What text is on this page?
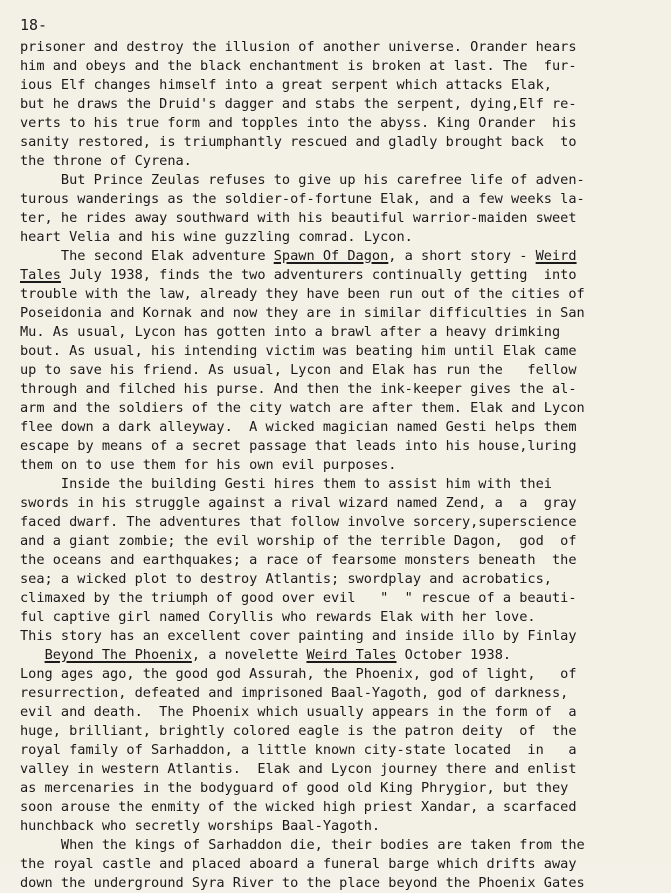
18-
prisoner and destroy the illusion of another universe. Orander hears
him and obeys and the black enchantment is broken at last. The  fur-
ious Elf changes himself into a great serpent which attacks Elak,
but he draws the Druid's dagger and stabs the serpent, dying,Elf re-
verts to his true form and topples into the abyss. King Orander  his
sanity restored, is triumphantly rescued and gladly brought back  to
the throne of Cyrena.
But Prince Zeulas refuses to give up his carefree life of adven-
turous wanderings as the soldier-of-fortune Elak, and a few weeks la-
ter, he rides away southward with his beautiful warrior-maiden sweet
heart Velia and his wine guzzling comrad. Lycon.
The second Elak adventure Spawn Of Dagon, a short story - Weird
Tales July 1938, finds the two adventurers continually getting  into
trouble with the law, already they have been run out of the cities of
Poseidonia and Kornak and now they are in similar difficulties in San
Mu. As usual, Lycon has gotten into a brawl after a heavy drimking
bout. As usual, his intending victim was beating him until Elak came
up to save his friend. As usual, Lycon and Elak has run the   fellow
through and filched his purse. And then the ink-keeper gives the al-
arm and the soldiers of the city watch are after them. Elak and Lycon
flee down a dark alleyway.  A wicked magician named Gesti helps them
escape by means of a secret passage that leads into his house,luring
them on to use them for his own evil purposes.
Inside the building Gesti hires them to assist him with thei
swords in his struggle against a rival wizard named Zend, a  a  gray
faced dwarf. The adventures that follow involve sorcery,superscience
and a giant zombie; the evil worship of the terrible Dagon,  god  of
the oceans and earthquakes; a race of fearsome monsters beneath  the
sea; a wicked plot to destroy Atlantis; swordplay and acrobatics,
climaxed by the triumph of good over evil   "  " rescue of a beauti-
ful captive girl named Coryllis who rewards Elak with her love.
This story has an excellent cover painting and inside illo by Finlay
Beyond The Phoenix, a novelette Weird Tales October 1938.
Long ages ago, the good god Assurah, the Phoenix, god of light,   of
resurrection, defeated and imprisoned Baal-Yagoth, god of darkness,
evil and death.  The Phoenix which usually appears in the form of  a
huge, brilliant, brightly colored eagle is the patron deity  of  the
royal family of Sarhaddon, a little known city-state located  in   a
valley in western Atlantis.  Elak and Lycon journey there and enlist
as mercenaries in the bodyguard of good old King Phrygior, but they
soon arouse the enmity of the wicked high priest Xandar, a scarfaced
hunchback who secretly worships Baal-Yagoth.
When the kings of Sarhaddon die, their bodies are taken from the
the royal castle and placed aboard a funeral barge which drifts away
down the underground Syra River to the place beyond the Phoenix Gates
